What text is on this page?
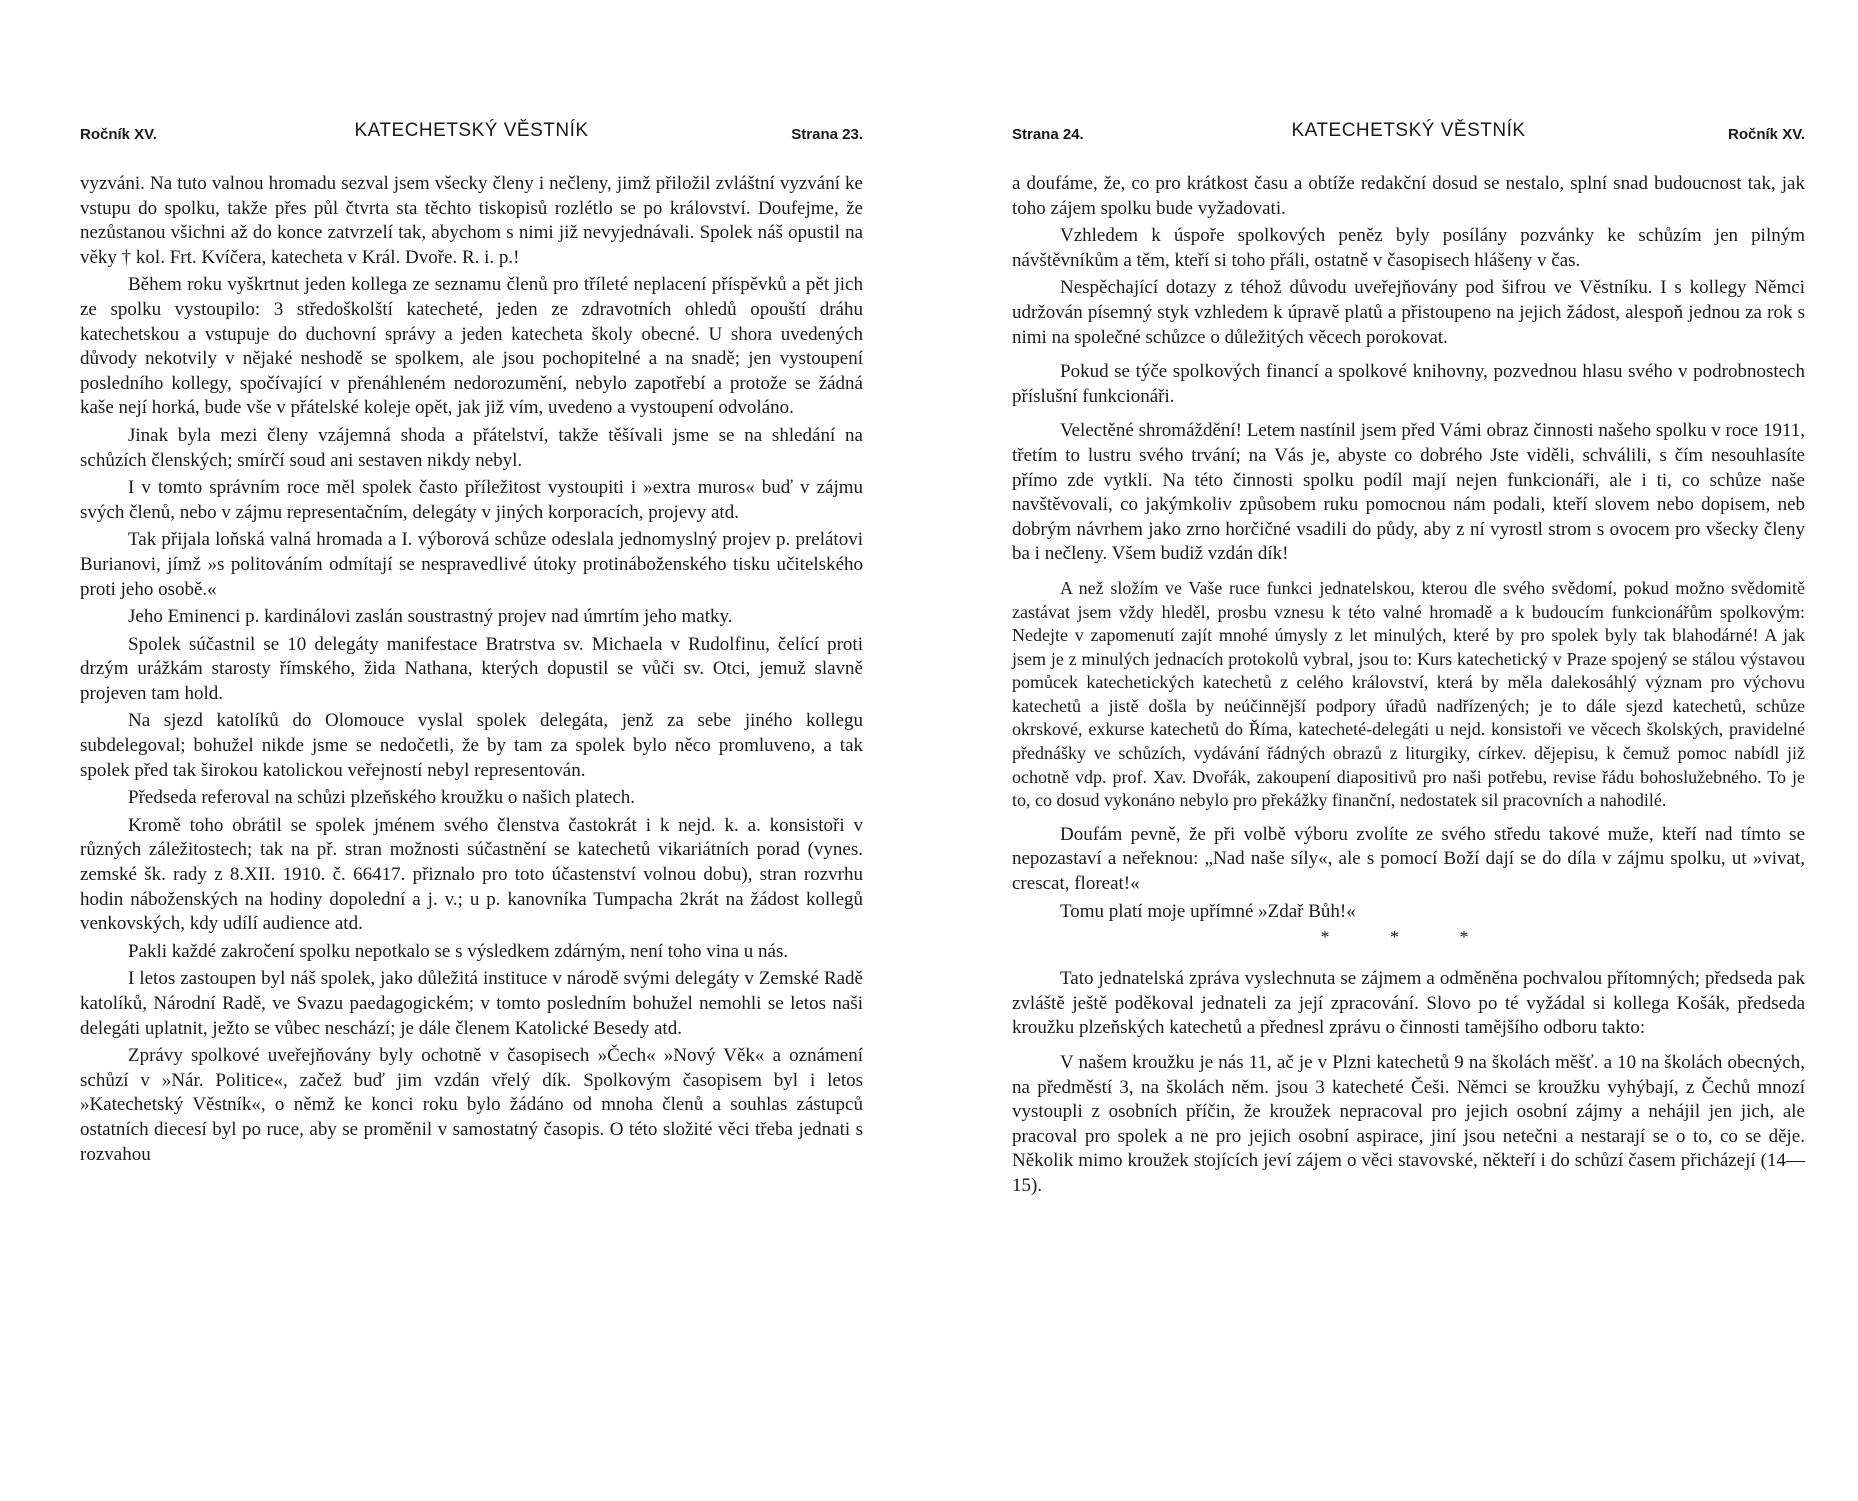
Ročník XV.	KATECHETSKÝ VĚSTNÍK	Strana 23.

vyzváni. Na tuto valnou hromadu sezval jsem všecky členy i nečleny, jimž přiložil zvláštní vyzvání ke vstupu do spolku, takže přes půl čtvrta sta těchto tiskopisů rozlétlo se po království. Doufejme, že nezůstanou všichni až do konce zatvrzelí tak, abychom s nimi již nevyjednávali. Spolek náš opustil na věky † kol. Frt. Kvíčera, katecheta v Král. Dvoře. R. i. p.!

Během roku vyškrtnut jeden kollega ze seznamu členů pro tříleté neplacení příspěvků a pět jich ze spolku vystoupilo: 3 středoškolští katecheté, jeden ze zdravotních ohledů opouští dráhu katechetskou a vstupuje do duchovní správy a jeden katecheta školy obecné. U shora uvedených důvody nekotvily v nějaké neshodě se spolkem, ale jsou pochopitelné a na snadě; jen vystoupení posledního kollegy, spočívající v přenáhleném nedorozumění, nebylo zapotřebí a protože se žádná kaše nejí horká, bude vše v přátelské koleje opět, jak již vím, uvedeno a vystoupení odvoláno.

Jinak byla mezi členy vzájemná shoda a přátelství, takže těšívali jsme se na shledání na schůzích členských; smírčí soud ani sestaven nikdy nebyl.

I v tomto správním roce měl spolek často příležitost vystoupiti i »extra muros« buď v zájmu svých členů, nebo v zájmu representačním, delegáty v jiných korporacích, projevy atd.

Tak přijala loňská valná hromada a I. výborová schůze odeslala jednomyslný projev p. prelátovi Burianovi, jímž »s politováním odmítají se nespravedlivé útoky protináboženského tisku učitelského proti jeho osobě.«

Jeho Eminenci p. kardinálovi zaslán soustrastný projev nad úmrtím jeho matky.

Spolek súčastnil se 10 delegáty manifestace Bratrstva sv. Michaela v Rudolfinu, čelící proti drzým urážkám starosty římského, žida Nathana, kterých dopustil se vůči sv. Otci, jemuž slavně projeven tam hold.

Na sjezd katolíků do Olomouce vyslal spolek delegáta, jenž za sebe jiného kollegu subdelegoval; bohužel nikde jsme se nedočetli, že by tam za spolek bylo něco promluveno, a tak spolek před tak širokou katolickou veřejností nebyl representován.

Předseda referoval na schůzi plzeňského kroužku o našich platech.

Kromě toho obrátil se spolek jménem svého členstva častokrát i k nejd. k. a. konsistoři v různých záležitostech; tak na př. stran možnosti súčastnění se katechetů vikariátních porad (vynes. zemské šk. rady z 8.XII. 1910. č. 66417. přiznalo pro toto účastenství volnou dobu), stran rozvrhu hodin náboženských na hodiny dopolední a j. v.; u p. kanovníka Tumpacha 2krát na žádost kollegů venkovských, kdy udílí audience atd.

Pakli každé zakročení spolku nepotkalo se s výsledkem zdárným, není toho vina u nás.

I letos zastoupen byl náš spolek, jako důležitá instituce v národě svými delegáty v Zemské Radě katolíků, Národní Radě, ve Svazu paedagogickém; v tomto posledním bohužel nemohli se letos naši delegáti uplatnit, ježto se vůbec neschází; je dále členem Katolické Besedy atd.

Zprávy spolkové uveřejňovány byly ochotně v časopisech »Čech« »Nový Věk« a oznámení schůzí v »Nár. Politice«, začež buď jim vzdán vřelý dík. Spolkovým časopisem byl i letos »Katechetský Věstník«, o němž ke konci roku bylo žádáno od mnoha členů a souhlas zástupců ostatních diecesí byl po ruce, aby se proměnil v samostatný časopis. O této složité věci třeba jednati s rozvahou

Strana 24.	KATECHETSKÝ VĚSTNÍK	Ročník XV.

a doufáme, že, co pro krátkost času a obtíže redakční dosud se nestalo, splní snad budoucnost tak, jak toho zájem spolku bude vyžadovati.

Vzhledem k úspoře spolkových peněz byly posílány pozvánky ke schůzím jen pilným návštěvníkům a těm, kteří si toho přáli, ostatně v časopisech hlášeny v čas.

Nespěchající dotazy z téhož důvodu uveřejňovány pod šifrou ve Věstníku. I s kollegy Němci udržován písemný styk vzhledem k úpravě platů a přistoupeno na jejich žádost, alespoň jednou za rok s nimi na společné schůzce o důležitých věcech porokovat.

Pokud se týče spolkových financí a spolkové knihovny, pozvednou hlasu svého v podrobnostech příslušní funkcionáři.

Velectěné shromáždění! Letem nastínil jsem před Vámi obraz činnosti našeho spolku v roce 1911, třetím to lustru svého trvání; na Vás je, abyste co dobrého Jste viděli, schválili, s čím nesouhlasíte přímo zde vytkli. Na této činnosti spolku podíl mají nejen funkcionáři, ale i ti, co schůze naše navštěvovali, co jakýmkoliv způsobem ruku pomocnou nám podali, kteří slovem nebo dopisem, neb dobrým návrhem jako zrno horčičné vsadili do půdy, aby z ní vyrostl strom s ovocem pro všecky členy ba i nečleny. Všem budiž vzdán dík!

A než složím ve Vaše ruce funkci jednatelskou, kterou dle svého svědomí, pokud možno svědomitě zastávat jsem vždy hleděl, prosbu vznesu k této valné hromadě a k budoucím funkcionářům spolkovým: Nedejte v zapomenutí zajít mnohé úmysly z let minulých, které by pro spolek byly tak blahodárné! A jak jsem je z minulých jednacích protokolů vybral, jsou to: Kurs katechetický v Praze spojený se stálou výstavou pomůcek katechetických katechetů z celého království, která by měla dalekosáhlý význam pro výchovu katechetů a jistě došla by neúčinnější podpory úřadů nadřízených; je to dále sjezd katechetů, schůze okrskové, exkurse katechetů do Říma, katecheté-delegáti u nejd. konsistoři ve věcech školských, pravidelné přednášky ve schůzích, vydávání řádných obrazů z liturgiky, církev. dějepisu, k čemuž pomoc nabídl již ochotně vdp. prof. Xav. Dvořák, zakoupení diapositivů pro naši potřebu, revise řádu bohoslužebného. To je to, co dosud vykonáno nebylo pro překážky finanční, nedostatek sil pracovních a nahodilé.

Doufám pevně, že při volbě výboru zvolíte ze svého středu takové muže, kteří nad tímto se nepozastaví a neřeknou: „Nad naše síly«, ale s pomocí Boží dají se do díla v zájmu spolku, ut »vivat, crescat, floreat!«

Tomu platí moje upřímné »Zdař Bůh!«

* * *

Tato jednatelská zpráva vyslechnuta se zájmem a odměněna pochvalou přítomných; předseda pak zvláště ještě poděkoval jednateli za její zpracování. Slovo po té vyžádal si kollega Košák, předseda kroužku plzeňských katechetů a přednesl zprávu o činnosti tamějšího odboru takto:

V našem kroužku je nás 11, ač je v Plzni katechetů 9 na školách měšť. a 10 na školách obecných, na předměstí 3, na školách něm. jsou 3 katecheté Češi. Němci se kroužku vyhýbají, z Čechů mnozí vystoupli z osobních příčin, že kroužek nepracoval pro jejich osobní zájmy a nehájil jen jich, ale pracoval pro spolek a ne pro jejich osobní aspirace, jiní jsou netečni a nestarají se o to, co se děje. Několik mimo kroužek stojících jeví zájem o věci stavovské, někteří i do schůzí časem přicházejí (14—15).
